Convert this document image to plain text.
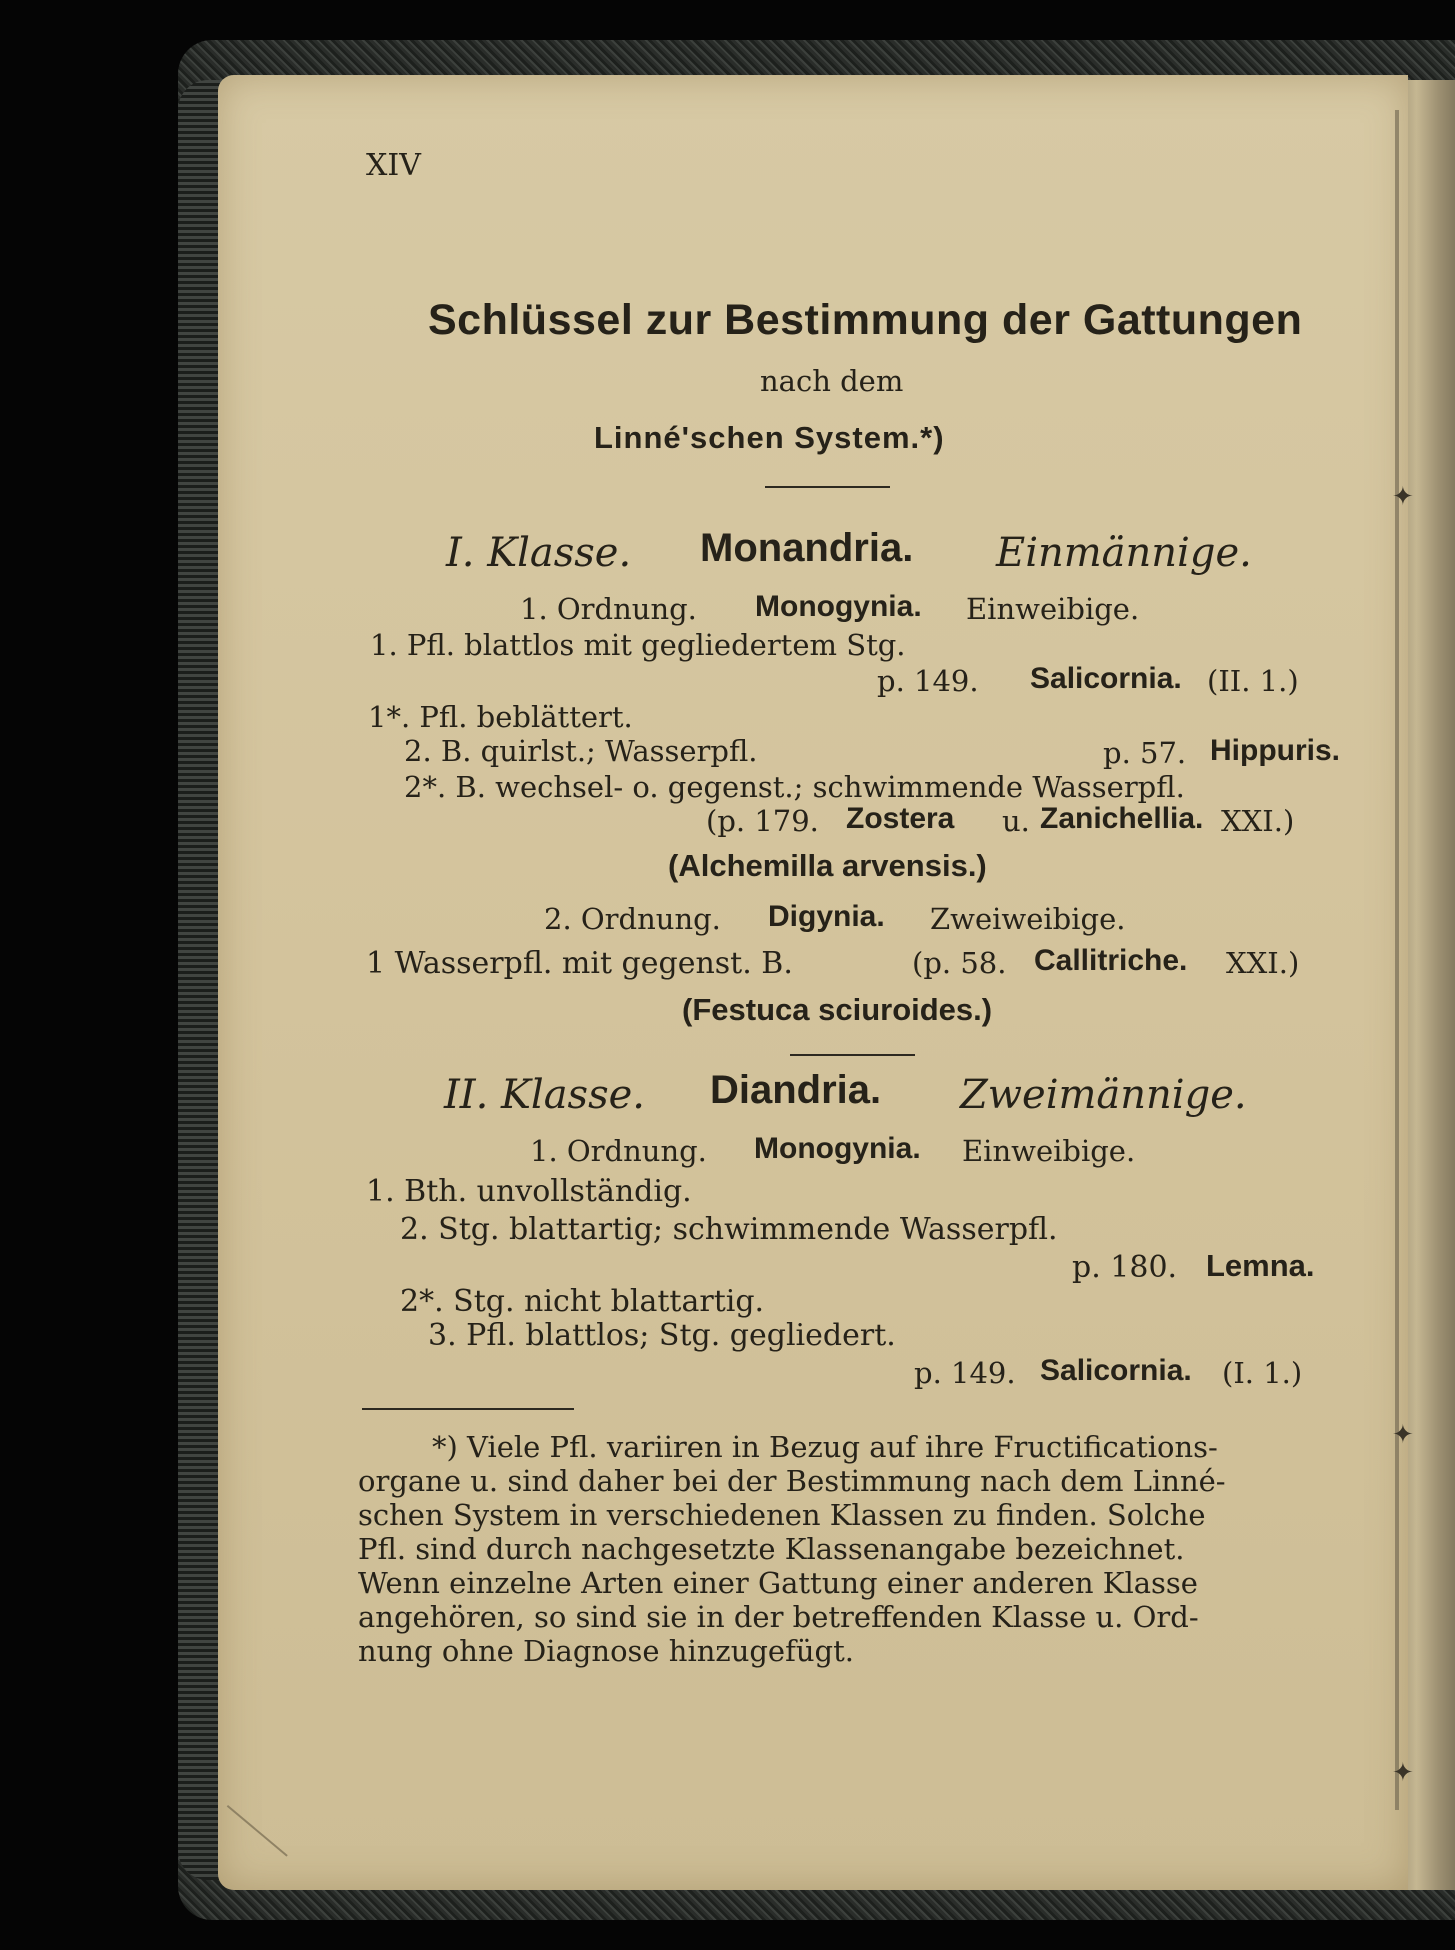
✦
✦
✦
XIV
Schlüssel zur Bestimmung der Gattungen
nach dem
Linné'schen System.*)
I. Klasse. Monandria. Einmännige.
1. Ordnung. Monogynia. Einweibige.
1. Pfl. blattlos mit gegliedertem Stg.
p. 149. Salicornia. (II. 1.)
1*. Pfl. beblättert.
2. B. quirlst.; Wasserpfl.	p. 57. Hippuris.
2*. B. wechsel- o. gegenst.; schwimmende Wasserpfl.
(p. 179. Zostera u. Zanichellia. XXI.)
(Alchemilla arvensis.)
2. Ordnung. Digynia. Zweiweibige.
1 Wasserpfl. mit gegenst. B.	(p. 58. Callitriche. XXI.)
(Festuca sciuroides.)
II. Klasse. Diandria. Zweimännige.
1. Ordnung. Monogynia. Einweibige.
1. Bth. unvollständig.
2. Stg. blattartig; schwimmende Wasserpfl.
p. 180. Lemna.
2*. Stg. nicht blattartig.
3. Pfl. blattlos; Stg. gegliedert.
p. 149. Salicornia. (I. 1.)
*) Viele Pfl. variiren in Bezug auf ihre Fructifications-
organe u. sind daher bei der Bestimmung nach dem Linné-
schen System in verschiedenen Klassen zu finden. Solche
Pfl. sind durch nachgesetzte Klassenangabe bezeichnet.
Wenn einzelne Arten einer Gattung einer anderen Klasse
angehören, so sind sie in der betreffenden Klasse u. Ord-
nung ohne Diagnose hinzugefügt.
